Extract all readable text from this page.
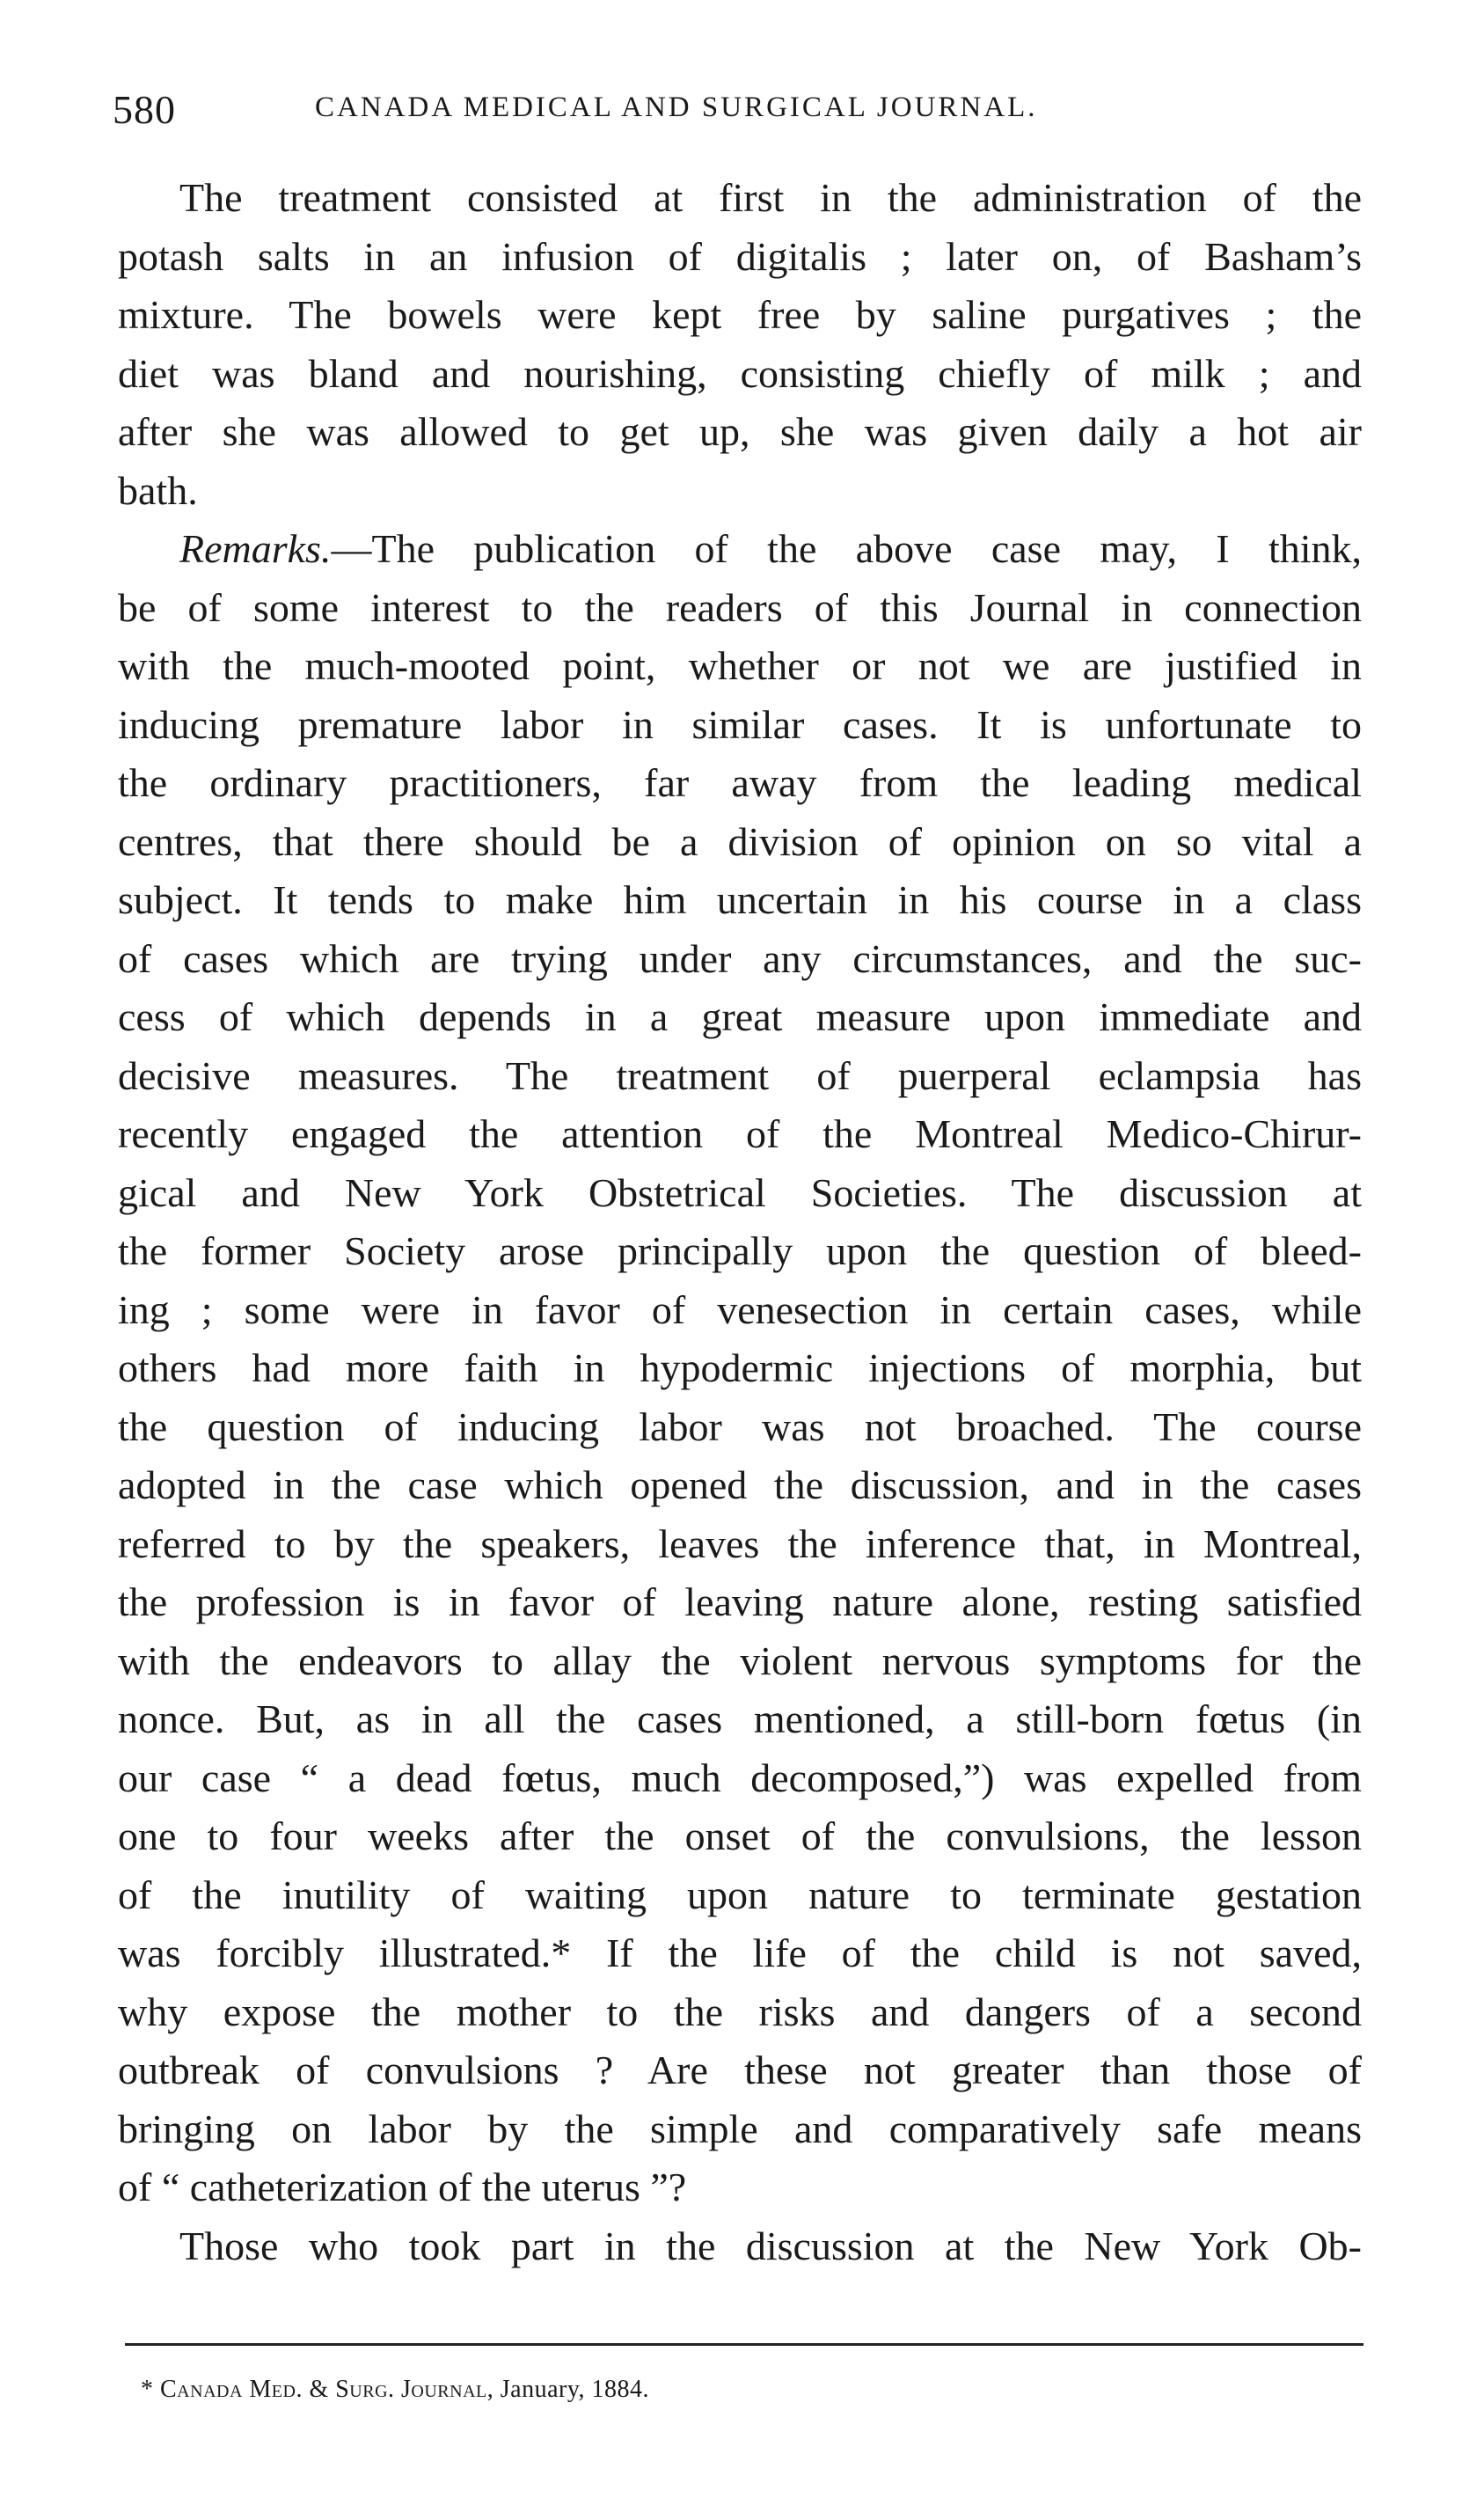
580	CANADA MEDICAL AND SURGICAL JOURNAL.
The treatment consisted at first in the administration of the
potash salts in an infusion of digitalis ; later on, of Basham’s
mixture. The bowels were kept free by saline purgatives ; the
diet was bland and nourishing, consisting chiefly of milk ; and
after she was allowed to get up, she was given daily a hot air
bath.
Remarks.—The publication of the above case may, I think,
be of some interest to the readers of this Journal in connection
with the much-mooted point, whether or not we are justified in
inducing premature labor in similar cases. It is unfortunate to
the ordinary practitioners, far away from the leading medical
centres, that there should be a division of opinion on so vital a
subject. It tends to make him uncertain in his course in a class
of cases which are trying under any circumstances, and the suc-
cess of which depends in a great measure upon immediate and
decisive measures. The treatment of puerperal eclampsia has
recently engaged the attention of the Montreal Medico-Chirur-
gical and New York Obstetrical Societies. The discussion at
the former Society arose principally upon the question of bleed-
ing ; some were in favor of venesection in certain cases, while
others had more faith in hypodermic injections of morphia, but
the question of inducing labor was not broached. The course
adopted in the case which opened the discussion, and in the cases
referred to by the speakers, leaves the inference that, in Montreal,
the profession is in favor of leaving nature alone, resting satisfied
with the endeavors to allay the violent nervous symptoms for the
nonce. But, as in all the cases mentioned, a still-born fœtus (in
our case “ a dead fœtus, much decomposed,”) was expelled from
one to four weeks after the onset of the convulsions, the lesson
of the inutility of waiting upon nature to terminate gestation
was forcibly illustrated.* If the life of the child is not saved,
why expose the mother to the risks and dangers of a second
outbreak of convulsions ? Are these not greater than those of
bringing on labor by the simple and comparatively safe means
of “ catheterization of the uterus ”?
Those who took part in the discussion at the New York Ob-
* Canada Med. & Surg. Journal, January, 1884.
